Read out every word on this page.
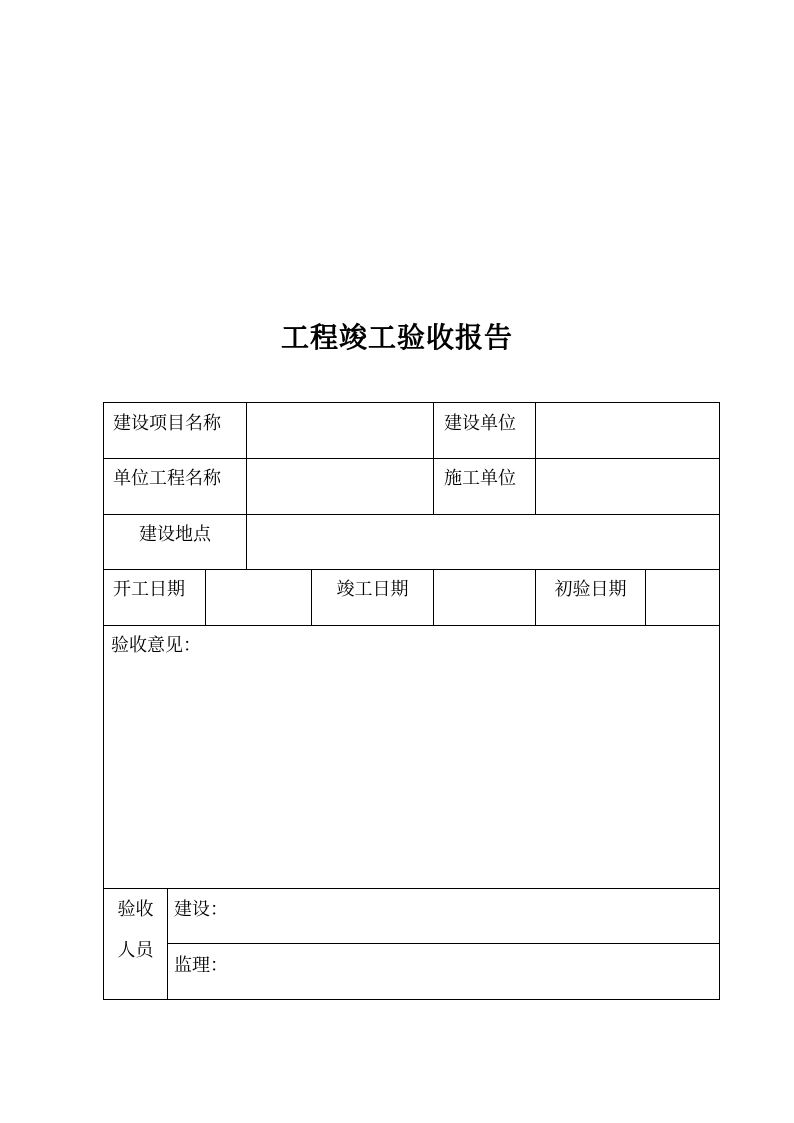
工程竣工验收报告
建设项目名称	建设单位
单位工程名称	施工单位
建设地点
开工日期	竣工日期	初验日期
验收意见：
验收
人员
建设：
监理：
